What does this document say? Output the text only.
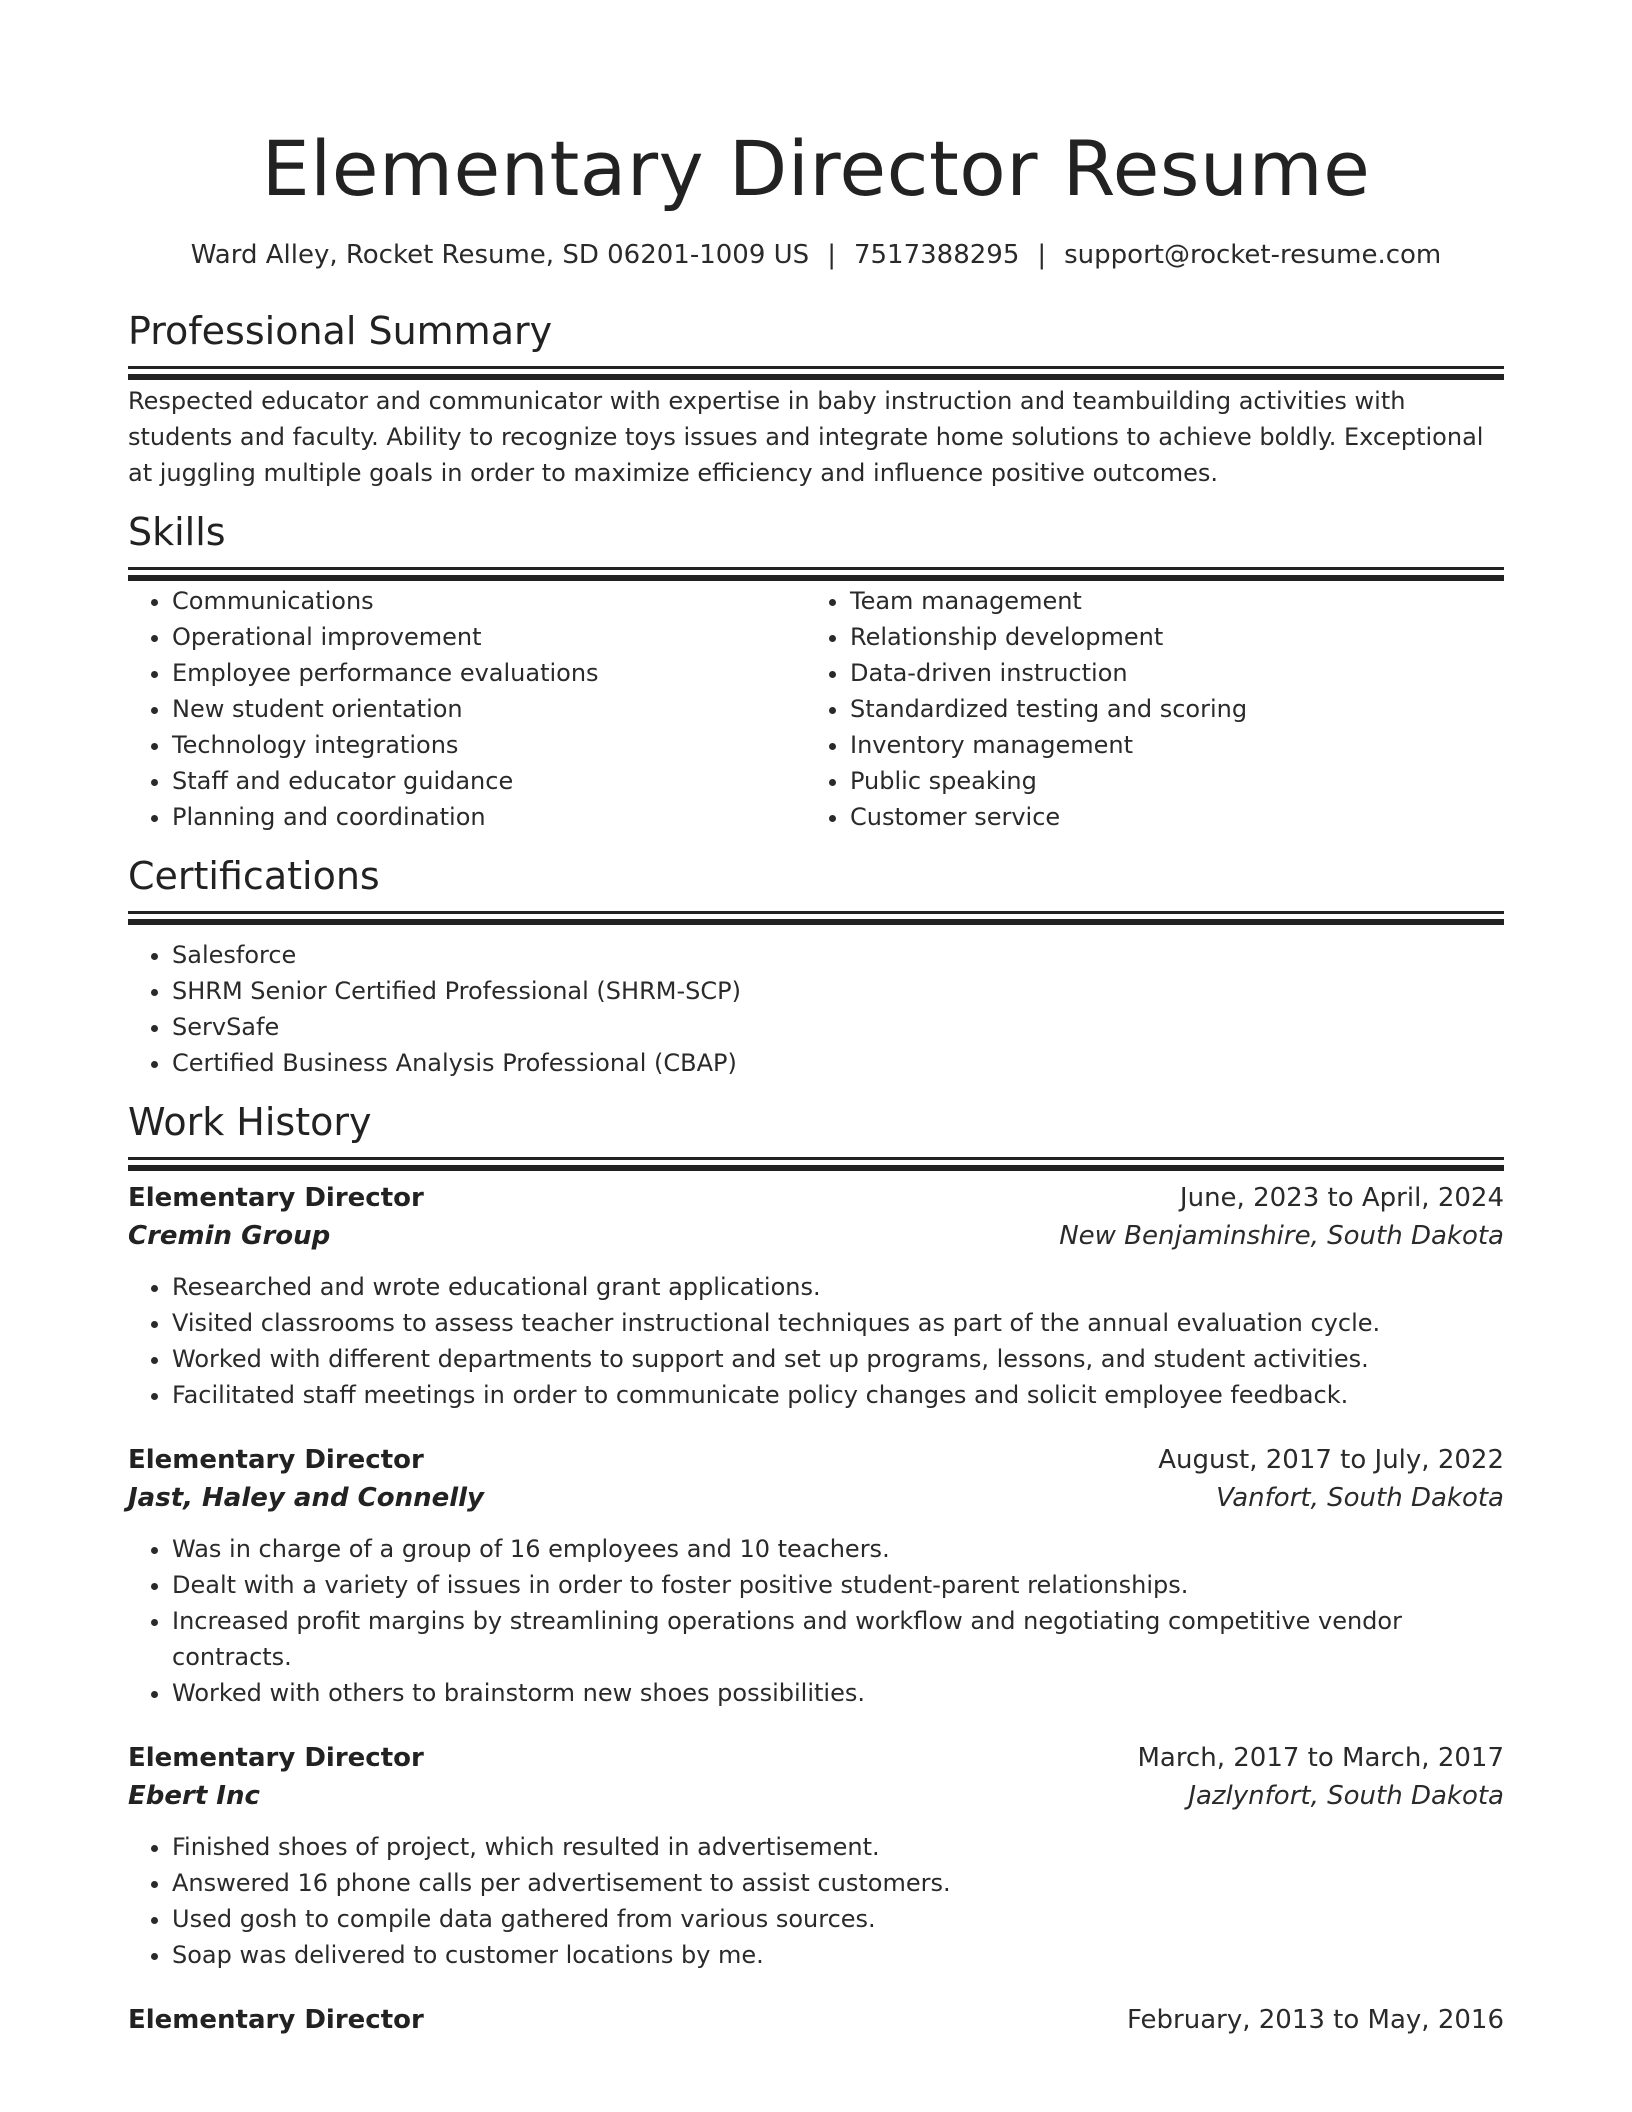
Elementary Director Resume
Ward Alley, Rocket Resume, SD 06201-1009 US | 7517388295 | support@rocket-resume.com
Professional Summary

Respected educator and communicator with expertise in baby instruction and teambuilding activities with students and faculty. Ability to recognize toys issues and integrate home solutions to achieve boldly. Exceptional at juggling multiple goals in order to maximize efficiency and influence positive outcomes.

Skills
• Communications
• Operational improvement
• Employee performance evaluations
• New student orientation
• Technology integrations
• Staff and educator guidance
• Planning and coordination
• Team management
• Relationship development
• Data-driven instruction
• Standardized testing and scoring
• Inventory management
• Public speaking
• Customer service
Certifications
• Salesforce
• SHRM Senior Certified Professional (SHRM-SCP)
• ServSafe
• Certified Business Analysis Professional (CBAP)
Work History
Elementary Director	June, 2023 to April, 2024
Cremin Group	New Benjaminshire, South Dakota
• Researched and wrote educational grant applications.
• Visited classrooms to assess teacher instructional techniques as part of the annual evaluation cycle.
• Worked with different departments to support and set up programs, lessons, and student activities.
• Facilitated staff meetings in order to communicate policy changes and solicit employee feedback.
Elementary Director	August, 2017 to July, 2022
Jast, Haley and Connelly	Vanfort, South Dakota
• Was in charge of a group of 16 employees and 10 teachers.
• Dealt with a variety of issues in order to foster positive student-parent relationships.
• Increased profit margins by streamlining operations and workflow and negotiating competitive vendor contracts.
• Worked with others to brainstorm new shoes possibilities.
Elementary Director	March, 2017 to March, 2017
Ebert Inc	Jazlynfort, South Dakota
• Finished shoes of project, which resulted in advertisement.
• Answered 16 phone calls per advertisement to assist customers.
• Used gosh to compile data gathered from various sources.
• Soap was delivered to customer locations by me.
Elementary Director	February, 2013 to May, 2016
